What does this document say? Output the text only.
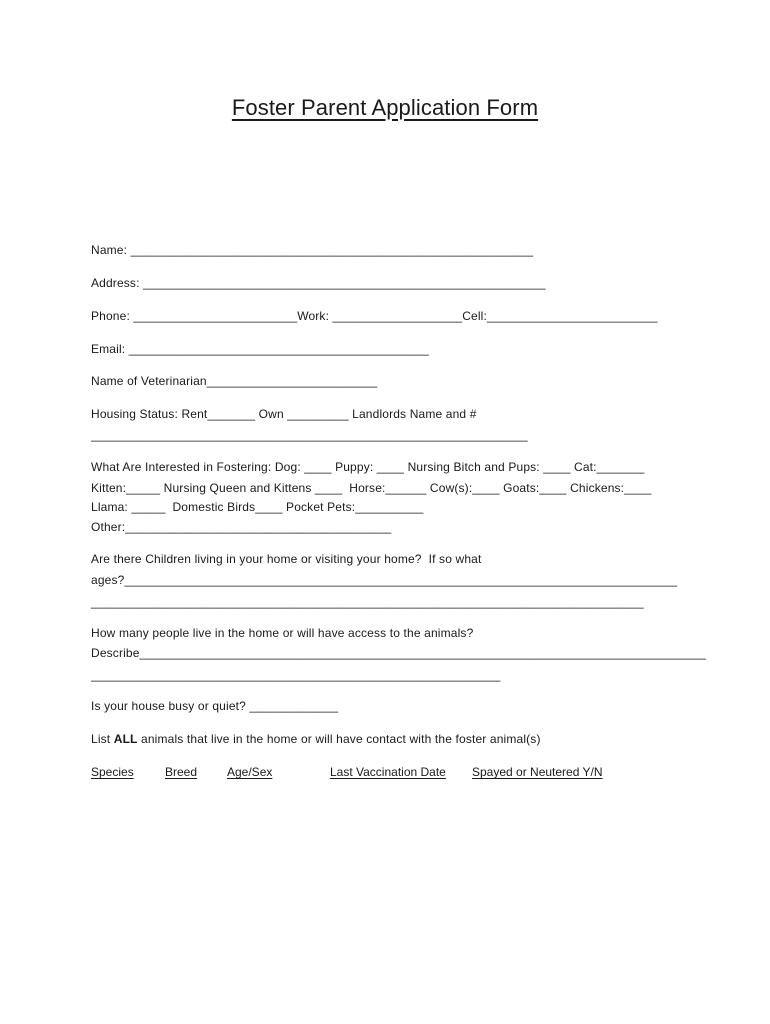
Foster Parent Application Form
Name: ___________________________________________________________
Address: ___________________________________________________________
Phone: ________________________Work: ___________________Cell:_________________________
Email: ____________________________________________
Name of Veterinarian_________________________
Housing Status: Rent_______ Own _________ Landlords Name and #
________________________________________________________________
What Are Interested in Fostering: Dog: ____ Puppy: ____ Nursing Bitch and Pups: ____ Cat:_______
Kitten:_____ Nursing Queen and Kittens ____  Horse:______ Cow(s):____ Goats:____ Chickens:____
Llama: _____  Domestic Birds____ Pocket Pets:__________
Other:_______________________________________
Are there Children living in your home or visiting your home?  If so what
ages?_________________________________________________________________________________
_________________________________________________________________________________
How many people live in the home or will have access to the animals?
Describe___________________________________________________________________________________
____________________________________________________________
Is your house busy or quiet? _____________
List ALL animals that live in the home or will have contact with the foster animal(s)
Species	Breed Age/Sex	Last Vaccination Date Spayed or Neutered Y/N
